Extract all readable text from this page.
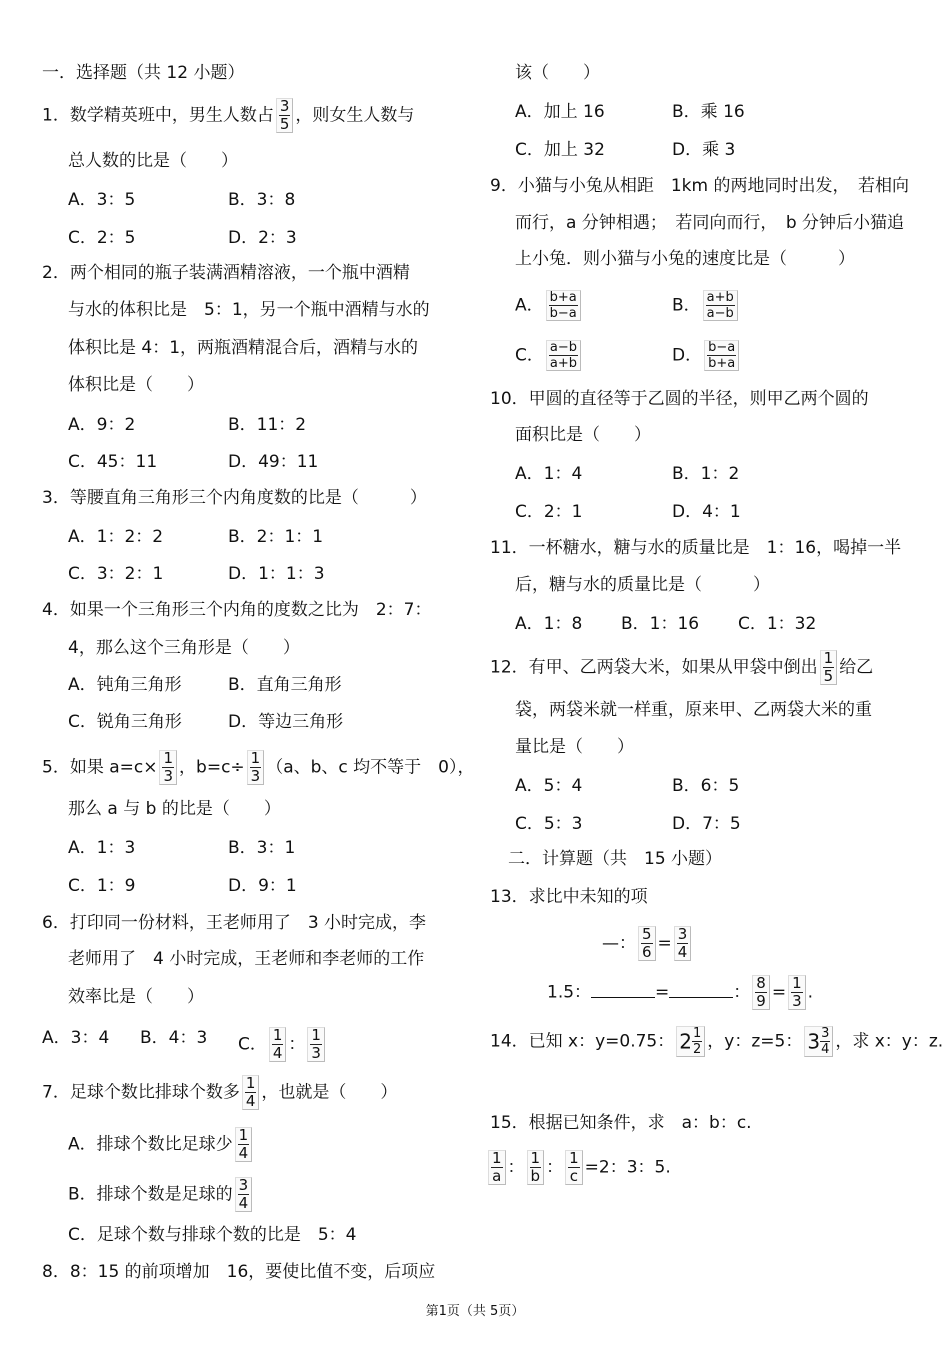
一．选择题（共 12 小题）
1．数学精英班中，男生人数占 $\frac{3}{5}$ ，则女生人数与
总人数的比是（　　）
A．3：5	B．3：8
C．2：5	D．2：3
2．两个相同的瓶子装满酒精溶液，一个瓶中酒精
与水的体积比是　5：1，另一个瓶中酒精与水的
体积比是 4：1，两瓶酒精混合后，酒精与水的
体积比是（　　）
A．9：2	B．11：2
C．45：11	D．49：11
3．等腰直角三角形三个内角度数的比是（　　　）
A．1：2：2	B．2：1：1
C．3：2：1	D．1：1：3
4．如果一个三角形三个内角的度数之比为　2：7：
4，那么这个三角形是（　　）
A．钝角三角形	B．直角三角形
C．锐角三角形	D．等边三角形
5．如果 $a=c\times \frac{1}{3}$ ，$b=c\div \frac{1}{3} (a$、b、c 均不等于　0），
那么 a 与 b 的比是（　　）
A．1：3	B．3：1
C．1：9	D．9：1
6．打印同一份材料，王老师用了　3 小时完成，李
老师用了　4 小时完成，王老师和李老师的工作
效率比是（　　）
A．3：4 B．4：3 C． $\frac{1}{4}$ ： $\frac{1}{3}$
7．足球个数比排球个数多 $\frac{1}{4}$ ，也就是（　　）
A．排球个数比足球少 $\frac{1}{4}$
B．排球个数是足球的 $\frac{3}{4}$
C．足球个数与排球个数的比是　5：4
8．8：15 的前项增加　16，要使比值不变，后项应
该（　　）
A．加上 16	B．乘 16
C．加上 32	D．乘 3
9．小猫与小兔从相距　1km 的两地同时出发，　若相向
而行，a 分钟相遇；　若同向而行，　b 分钟后小猫追
上小兔．则小猫与小兔的速度比是（　　　）
A． $\frac{b+a}{b-a}$	B． $\frac{a+b}{a-b}$
C． $\frac{a-b}{a+b}$	D． $\frac{b-a}{b+a}$
10．甲圆的直径等于乙圆的半径，则甲乙两个圆的
面积比是（　　）
A．1：4	B．1：2
C．2：1	D．4：1
11．一杯糖水，糖与水的质量比是　1：16，喝掉一半
后，糖与水的质量比是（　　　）
A．1：8 B．1：16 C．1：32
12．有甲、乙两袋大米，如果从甲袋中倒出 $\frac{1}{5}$ 给乙
袋，两袋米就一样重，原来甲、乙两袋大米的重
量比是（　　）
A．5：4	B．6：5
C．5：3	D．7：5
二．计算题（共　15 小题）
13．求比中未知的项
—： $\frac{5}{6} = \frac{3}{4}$
1.5：	=	： $\frac{8}{9} = \frac{1}{3}$ .
14．已知 x：y=0.75： $2 \frac{1}{2}$ ，y：z=5： $3 \frac{3}{4}$ ，求 x：y：z.
15．根据已知条件，求　a：b：c.
$\frac{1}{a}$ ： $\frac{1}{b}$ ： $\frac{1}{c} =2$：3：5.
第1页（共 5页）
